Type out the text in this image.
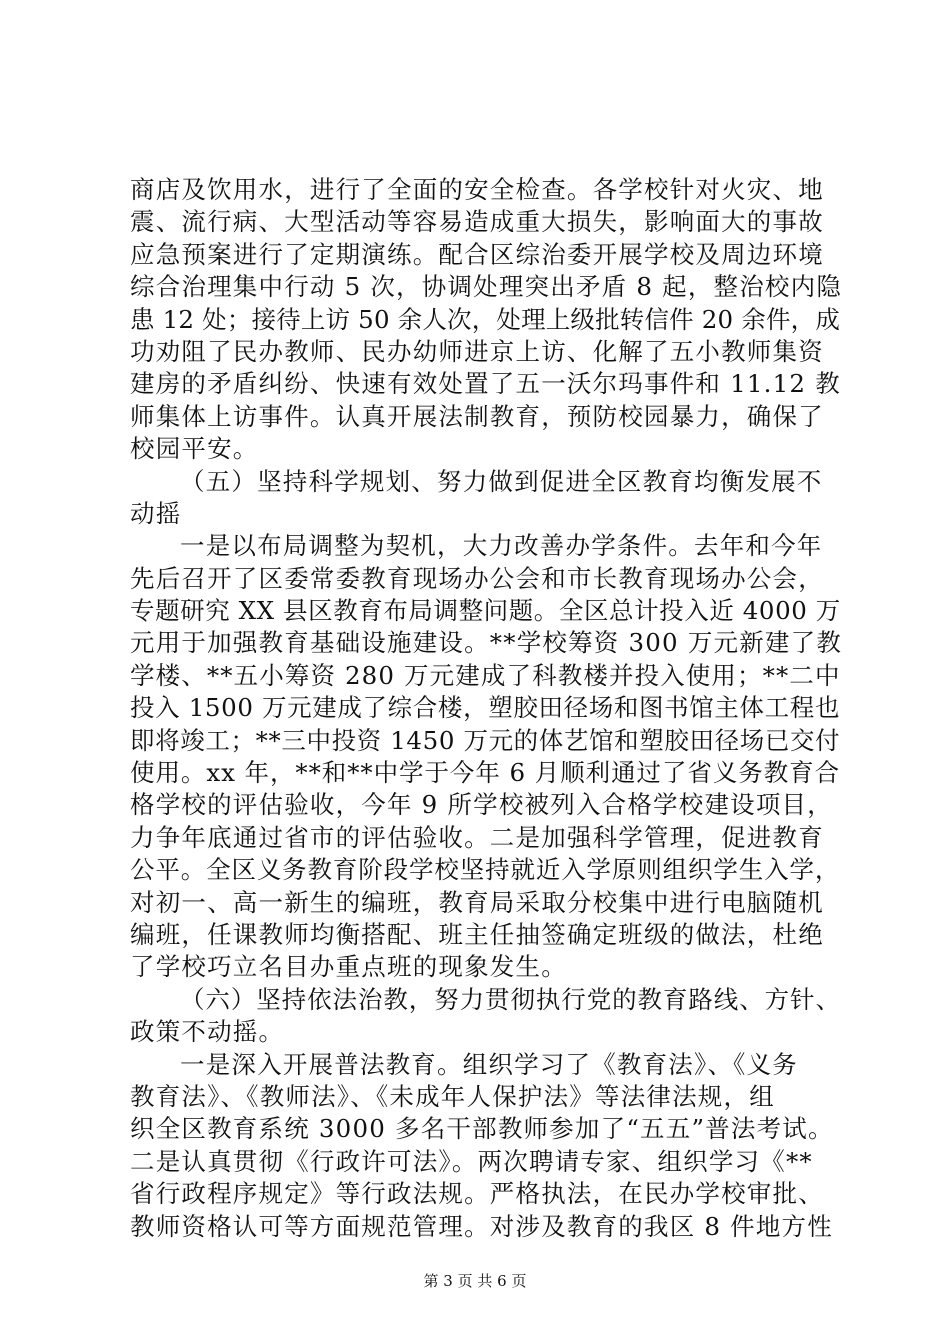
商店及饮用水，进行了全面的安全检查。各学校针对火灾、地
震、流行病、大型活动等容易造成重大损失，影响面大的事故
应急预案进行了定期演练。配合区综治委开展学校及周边环境
综合治理集中行动 5 次，协调处理突出矛盾 8 起，整治校内隐
患 12 处；接待上访 50 余人次，处理上级批转信件 20 余件，成
功劝阻了民办教师、民办幼师进京上访、化解了五小教师集资
建房的矛盾纠纷、快速有效处置了五一沃尔玛事件和 11.12 教
师集体上访事件。认真开展法制教育，预防校园暴力，确保了
校园平安。
（五）坚持科学规划、努力做到促进全区教育均衡发展不
动摇
一是以布局调整为契机，大力改善办学条件。去年和今年
先后召开了区委常委教育现场办公会和市长教育现场办公会，
专题研究 XX 县区教育布局调整问题。全区总计投入近 4000 万
元用于加强教育基础设施建设。**学校筹资 300 万元新建了教
学楼、**五小筹资 280 万元建成了科教楼并投入使用；**二中
投入 1500 万元建成了综合楼，塑胶田径场和图书馆主体工程也
即将竣工；**三中投资 1450 万元的体艺馆和塑胶田径场已交付
使用。xx 年，**和**中学于今年 6 月顺利通过了省义务教育合
格学校的评估验收，今年 9 所学校被列入合格学校建设项目，
力争年底通过省市的评估验收。二是加强科学管理，促进教育
公平。全区义务教育阶段学校坚持就近入学原则组织学生入学，
对初一、高一新生的编班，教育局采取分校集中进行电脑随机
编班，任课教师均衡搭配、班主任抽签确定班级的做法，杜绝
了学校巧立名目办重点班的现象发生。
（六）坚持依法治教，努力贯彻执行党的教育路线、方针、
政策不动摇。
一是深入开展普法教育。组织学习了《教育法》、《义务
教育法》、《教师法》、《未成年人保护法》等法律法规，组
织全区教育系统 3000 多名干部教师参加了“五五”普法考试。
二是认真贯彻《行政许可法》。两次聘请专家、组织学习《**
省行政程序规定》等行政法规。严格执法，在民办学校审批、
教师资格认可等方面规范管理。对涉及教育的我区 8 件地方性
第 3 页 共 6 页
